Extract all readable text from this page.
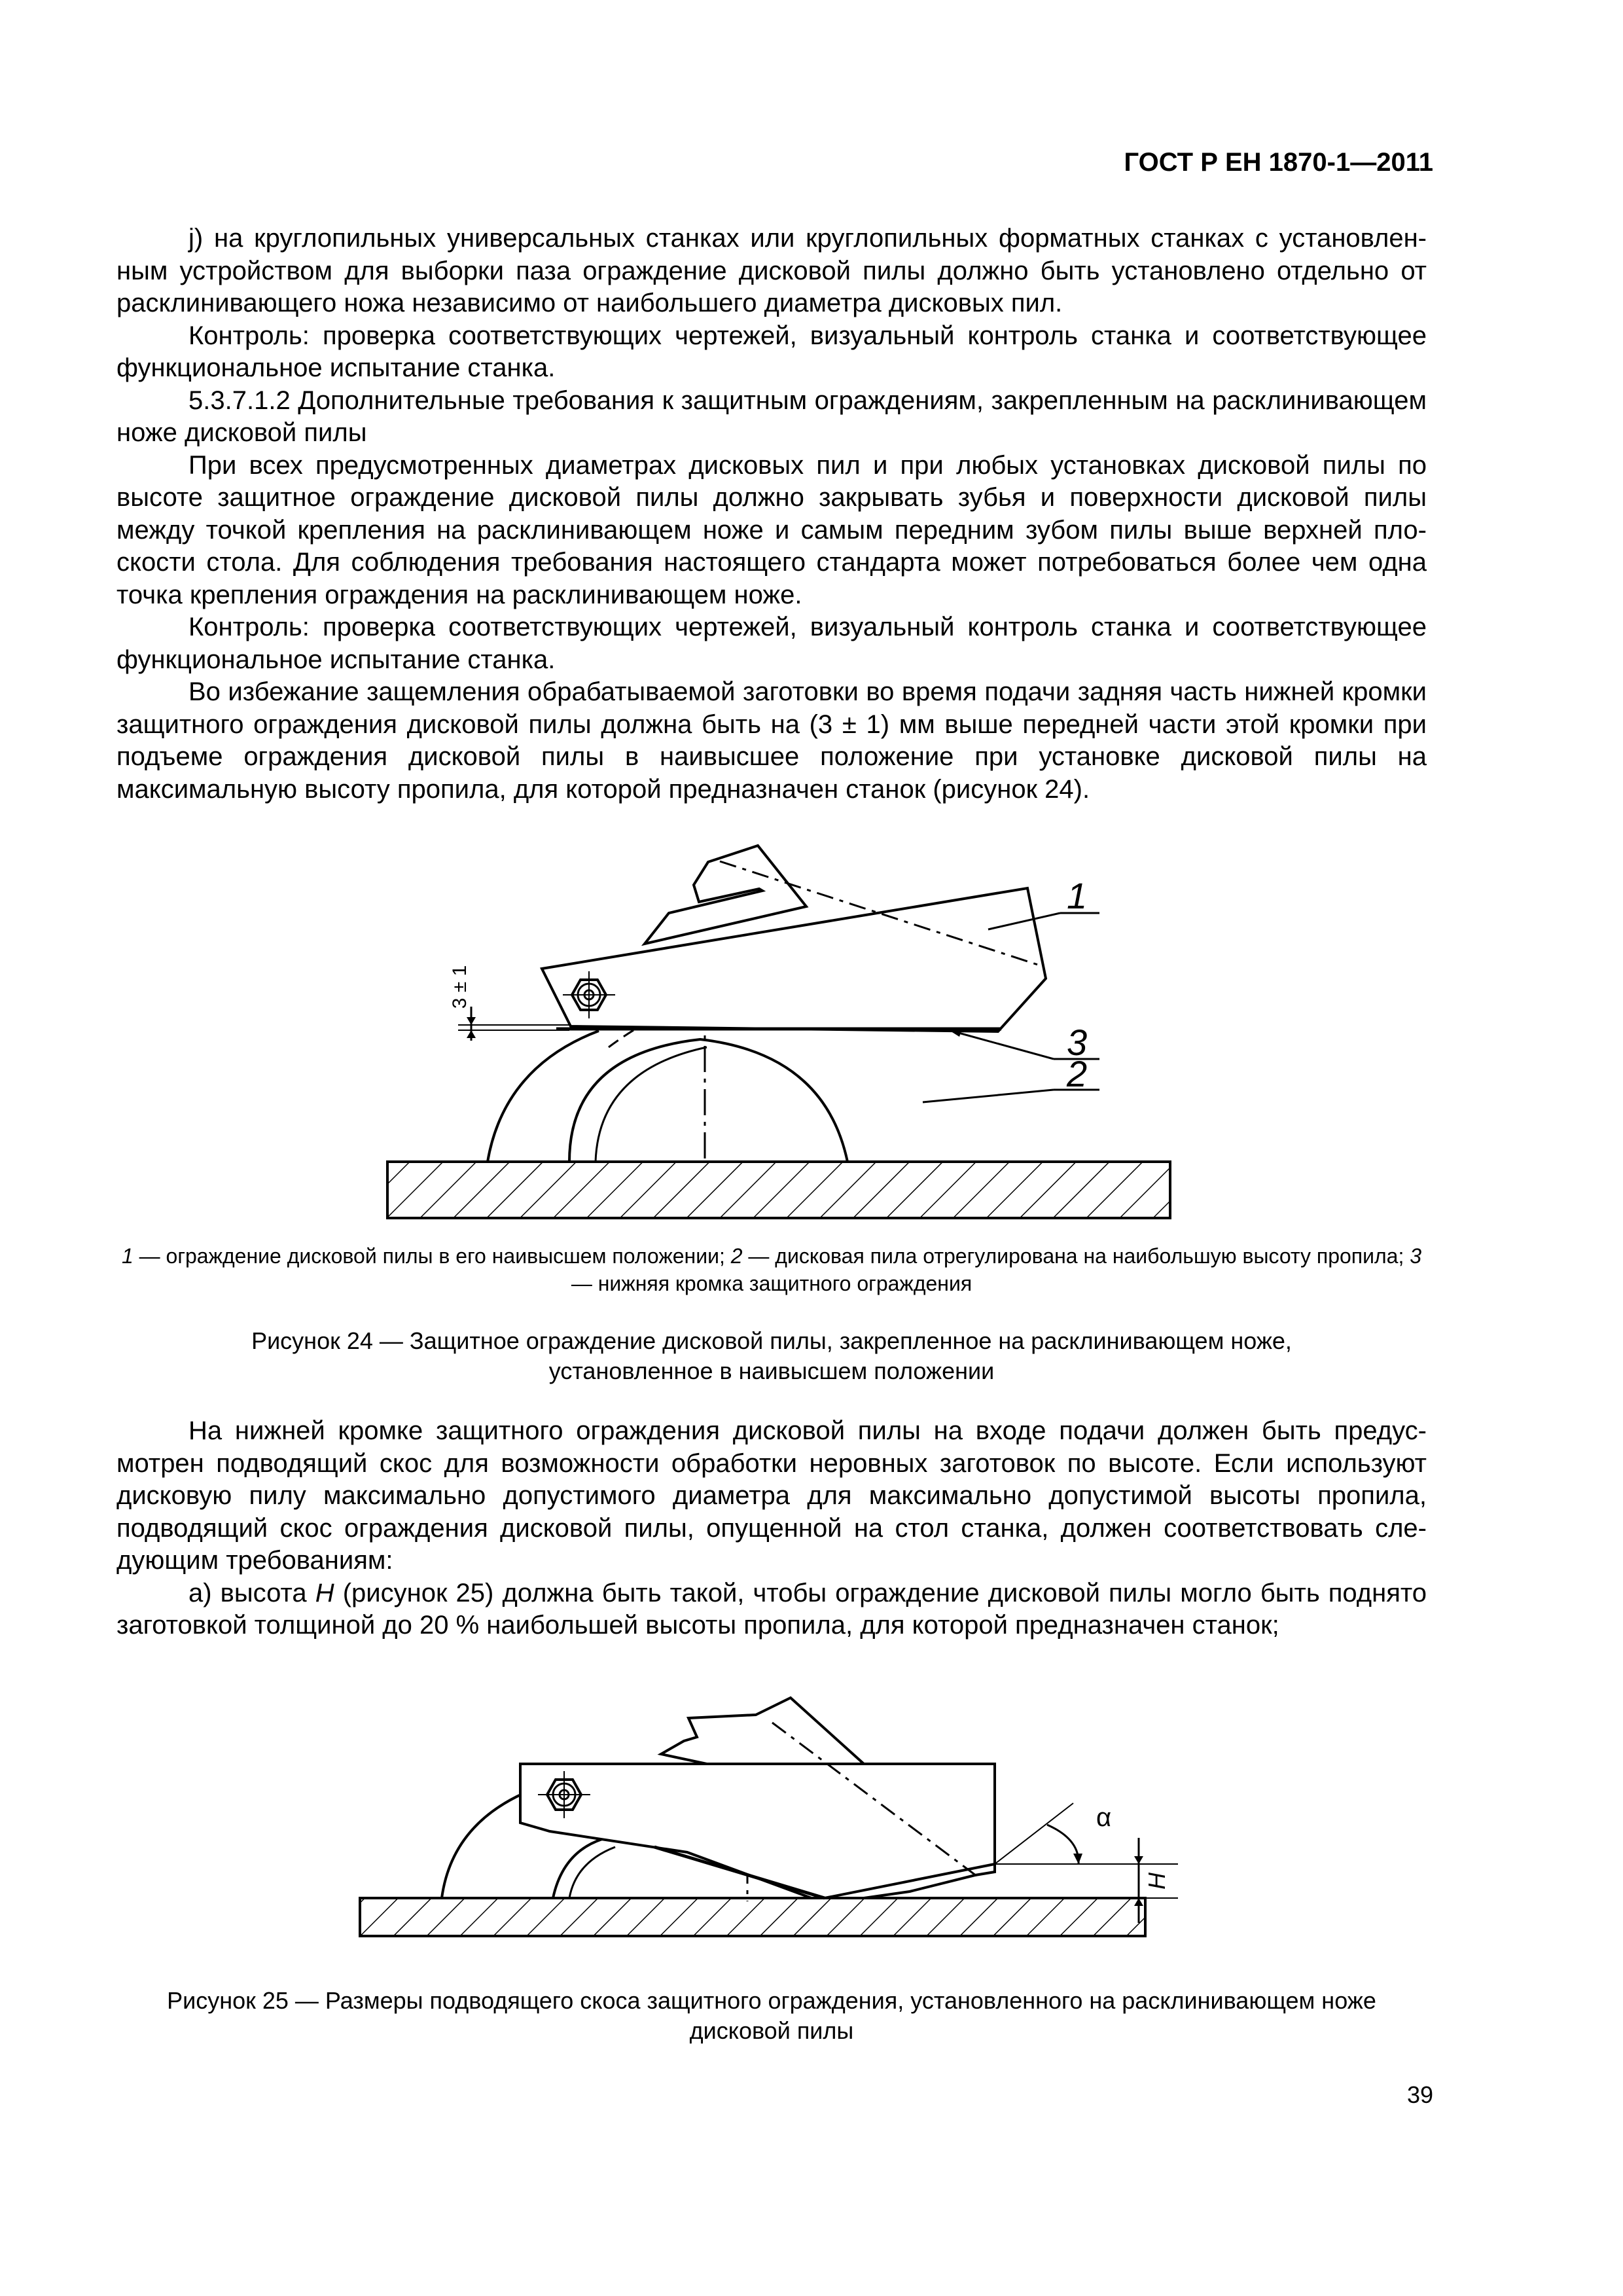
ГОСТ Р ЕН 1870-1—2011

j) на круглопильных универсальных станках или круглопильных форматных станках с установленным устройством для выборки паза ограждение дисковой пилы должно быть установлено отдельно от расклинивающего ножа независимо от наибольшего диаметра дисковых пил.

Контроль: проверка соответствующих чертежей, визуальный контроль станка и соответствующее функциональное испытание станка.

5.3.7.1.2 Дополнительные требования к защитным ограждениям, закрепленным на расклинивающем ноже дисковой пилы

При всех предусмотренных диаметрах дисковых пил и при любых установках дисковой пилы по высоте защитное ограждение дисковой пилы должно закрывать зубья и поверхности дисковой пилы между точкой крепления на расклинивающем ноже и самым передним зубом пилы выше верхней плоскости стола. Для соблюдения требования настоящего стандарта может потребоваться более чем одна точка крепления ограждения на расклинивающем ноже.

Контроль: проверка соответствующих чертежей, визуальный контроль станка и соответствующее функциональное испытание станка.

Во избежание защемления обрабатываемой заготовки во время подачи задняя часть нижней кромки защитного ограждения дисковой пилы должна быть на (3 ± 1) мм выше передней части этой кромки при подъеме ограждения дисковой пилы в наивысшее положение при установке дисковой пилы на максимальную высоту пропила, для которой предназначен станок (рисунок 24).

3 ± 1
1
3
2
1 — ограждение дисковой пилы в его наивысшем положении; 2 — дисковая пила отрегулирована на наибольшую высоту пропила; 3 — нижняя кромка защитного ограждения
Рисунок 24 — Защитное ограждение дисковой пилы, закрепленное на расклинивающем ноже,
установленное в наивысшем положении

На нижней кромке защитного ограждения дисковой пилы на входе подачи должен быть предусмотрен подводящий скос для возможности обработки неровных заготовок по высоте. Если используют дисковую пилу максимально допустимого диаметра для максимально допустимой высоты пропила, подводящий скос ограждения дисковой пилы, опущенной на стол станка, должен соответствовать следующим требованиям:

а) высота H (рисунок 25) должна быть такой, чтобы ограждение дисковой пилы могло быть поднято заготовкой толщиной до 20 % наибольшей высоты пропила, для которой предназначен станок;

α
H
Рисунок 25 — Размеры подводящего скоса защитного ограждения, установленного на расклинивающем ноже
дисковой пилы
39
